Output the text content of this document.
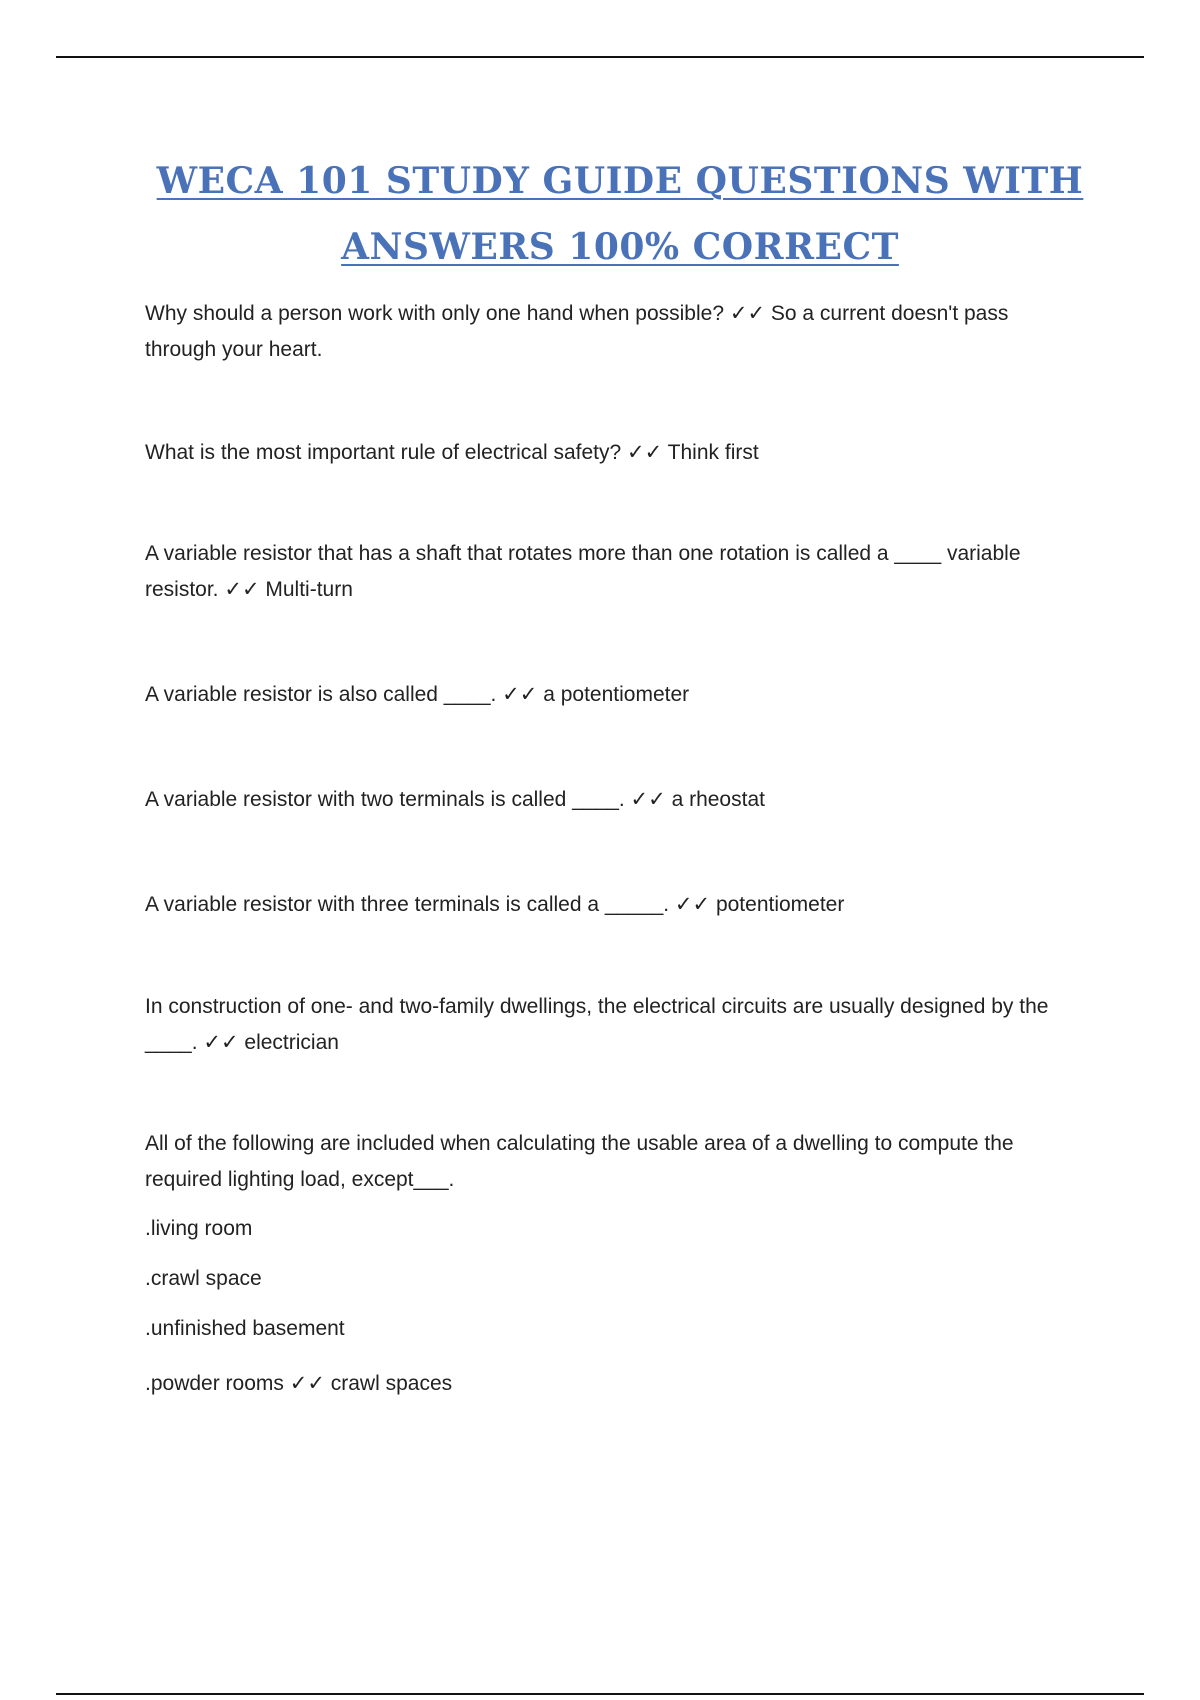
WECA 101 STUDY GUIDE QUESTIONS WITH
ANSWERS 100% CORRECT

Why should a person work with only one hand when possible? ✓✓ So a current doesn't pass through your heart.

What is the most important rule of electrical safety? ✓✓ Think first

A variable resistor that has a shaft that rotates more than one rotation is called a ____ variable resistor. ✓✓ Multi-turn

A variable resistor is also called ____. ✓✓ a potentiometer

A variable resistor with two terminals is called ____. ✓✓ a rheostat

A variable resistor with three terminals is called a _____. ✓✓ potentiometer

In construction of one- and two-family dwellings, the electrical circuits are usually designed by the ____. ✓✓ electrician

All of the following are included when calculating the usable area of a dwelling to compute the required lighting load, except___.

.living room

.crawl space

.unfinished basement

.powder rooms ✓✓ crawl spaces
